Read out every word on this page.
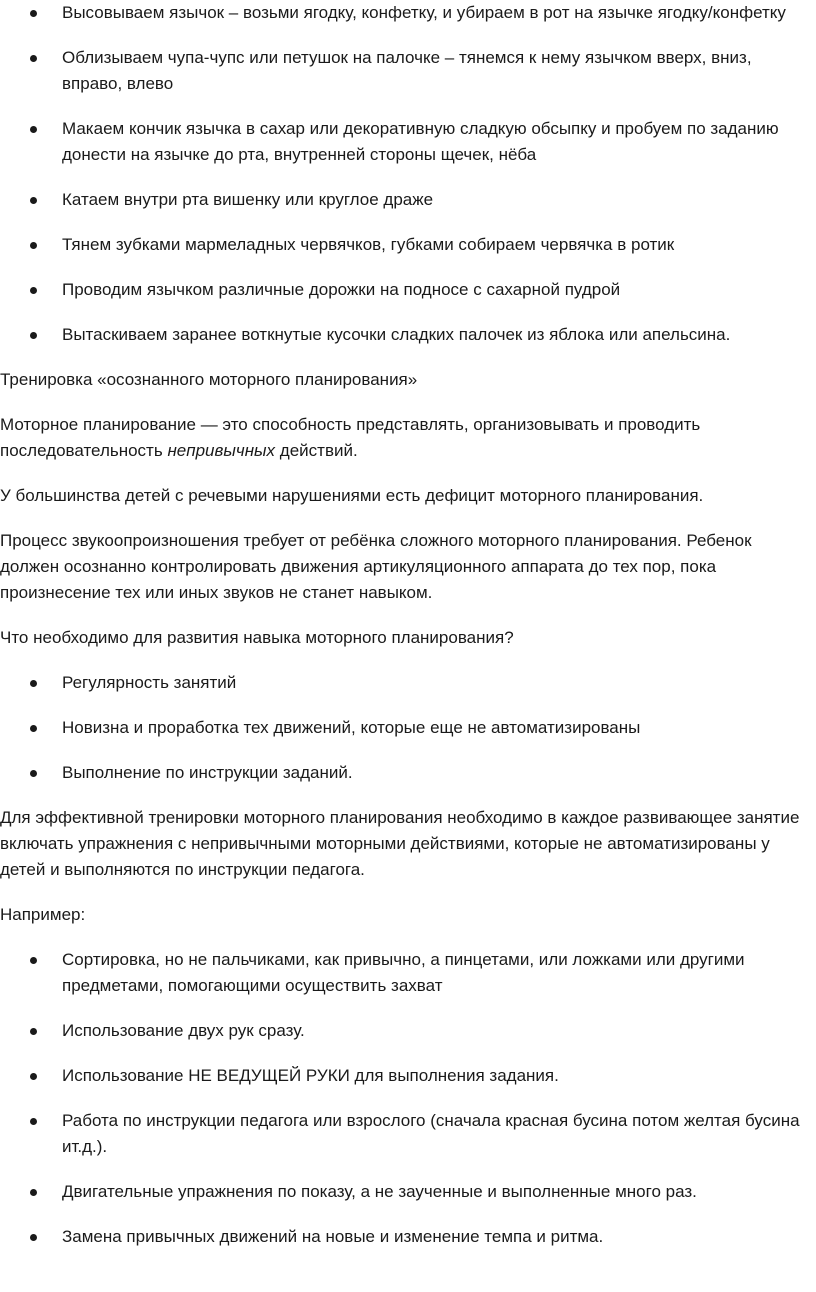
Высовываем язычок – возьми ягодку, конфетку, и убираем в рот на язычке ягодку/конфетку
Облизываем чупа-чупс или петушок на палочке – тянемся к нему язычком вверх, вниз, вправо, влево
Макаем кончик язычка в сахар или декоративную сладкую обсыпку и пробуем по заданию донести на язычке до рта, внутренней стороны щечек, нёба
Катаем внутри рта вишенку или круглое драже
Тянем зубками мармеладных червячков, губками собираем червячка в ротик
Проводим язычком различные дорожки на подносе с сахарной пудрой
Вытаскиваем заранее воткнутые кусочки сладких палочек из яблока или апельсина.

Тренировка «осознанного моторного планирования»

Моторное планирование — это способность представлять, организовывать и проводить последовательность непривычных действий.

У большинства детей с речевыми нарушениями есть дефицит моторного планирования.

Процесс звукоопроизношения требует от ребёнка сложного моторного планирования. Ребенок должен осознанно контролировать движения артикуляционного аппарата до тех пор, пока произнесение тех или иных звуков не станет навыком.

Что необходимо для развития навыка моторного планирования?

Регулярность занятий
Новизна и проработка тех движений, которые еще не автоматизированы
Выполнение по инструкции заданий.

Для эффективной тренировки моторного планирования необходимо в каждое развивающее занятие включать упражнения с непривычными моторными действиями, которые не автоматизированы у детей и выполняются по инструкции педагога.

Например:

Сортировка, но не пальчиками, как привычно, а пинцетами, или ложками или другими предметами, помогающими осуществить захват
Использование двух рук сразу.
Использование НЕ ВЕДУЩЕЙ РУКИ для выполнения задания.
Работа по инструкции педагога или взрослого (сначала красная бусина потом желтая бусина ит.д.).
Двигательные упражнения по показу, а не заученные и выполненные много раз.
Замена привычных движений на новые и изменение темпа и ритма.
